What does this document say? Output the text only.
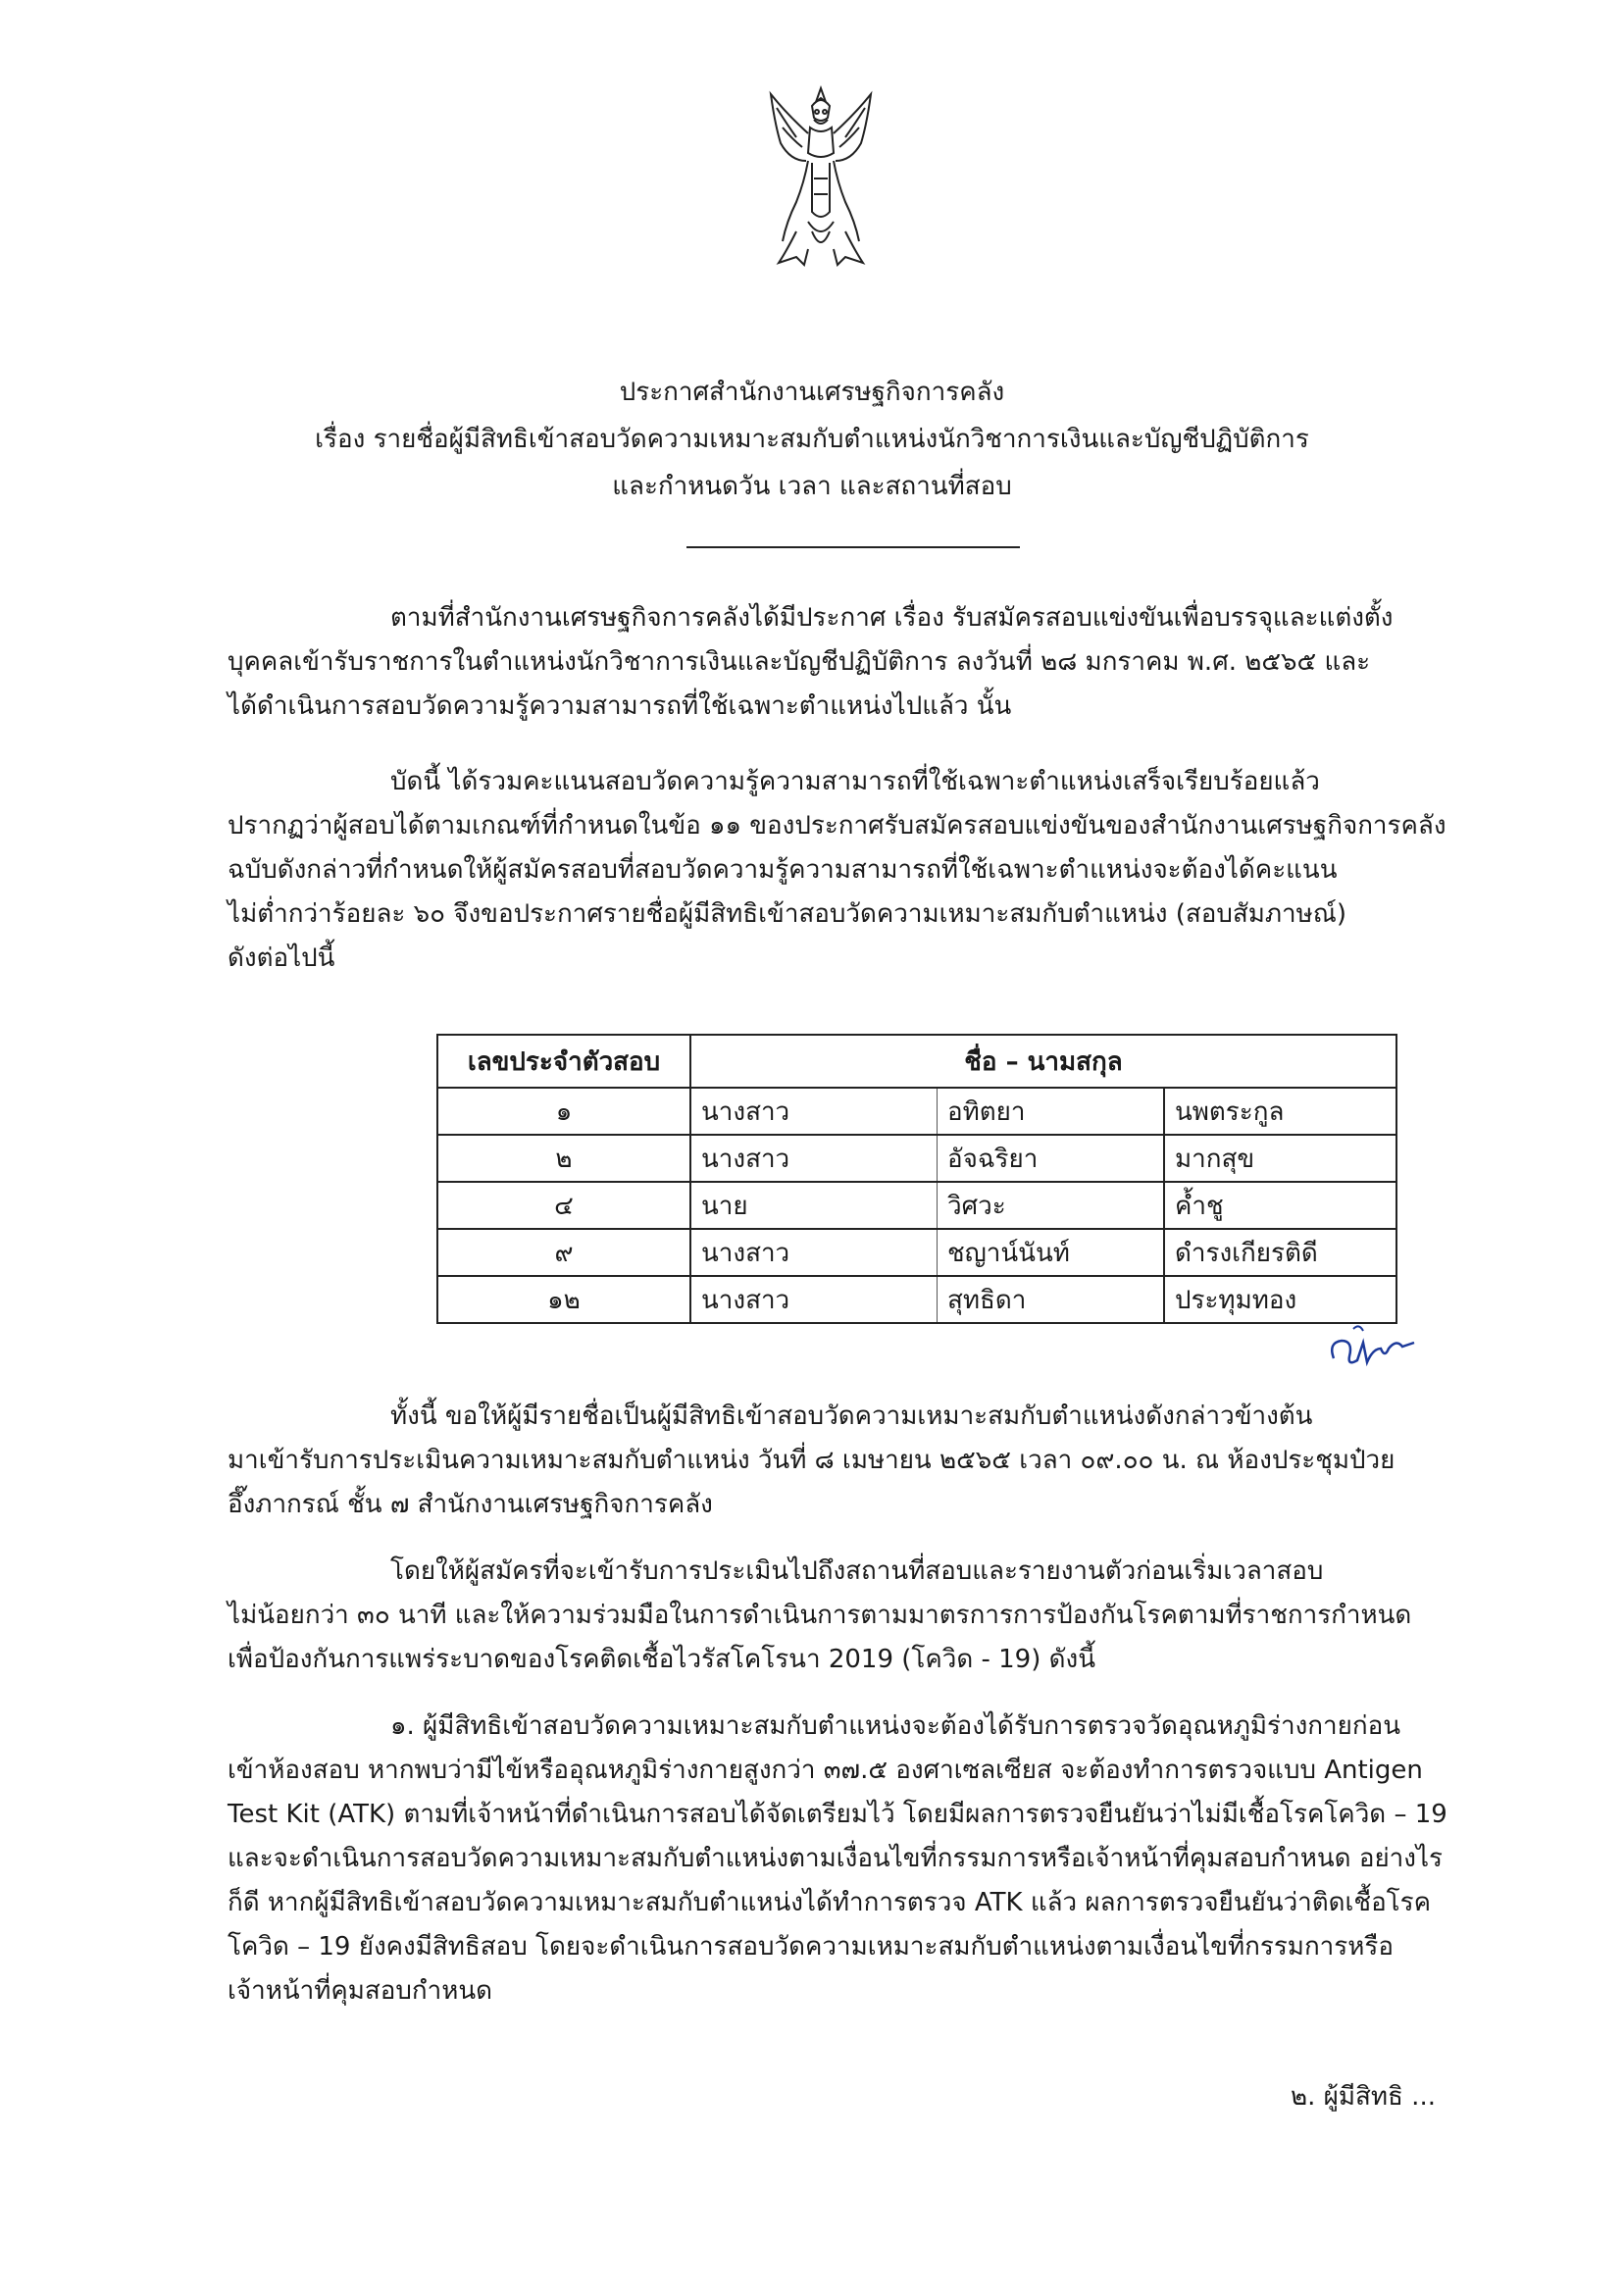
ประกาศสำนักงานเศรษฐกิจการคลัง
เรื่อง รายชื่อผู้มีสิทธิเข้าสอบวัดความเหมาะสมกับตำแหน่งนักวิชาการเงินและบัญชีปฏิบัติการ
และกำหนดวัน เวลา และสถานที่สอบ
ตามที่สำนักงานเศรษฐกิจการคลังได้มีประกาศ เรื่อง รับสมัครสอบแข่งขันเพื่อบรรจุและแต่งตั้ง
บุคคลเข้ารับราชการในตำแหน่งนักวิชาการเงินและบัญชีปฏิบัติการ ลงวันที่ ๒๘ มกราคม พ.ศ. ๒๕๖๕ และ
ได้ดำเนินการสอบวัดความรู้ความสามารถที่ใช้เฉพาะตำแหน่งไปแล้ว นั้น
บัดนี้ ได้รวมคะแนนสอบวัดความรู้ความสามารถที่ใช้เฉพาะตำแหน่งเสร็จเรียบร้อยแล้ว
ปรากฏว่าผู้สอบได้ตามเกณฑ์ที่กำหนดในข้อ ๑๑ ของประกาศรับสมัครสอบแข่งขันของสำนักงานเศรษฐกิจการคลัง
ฉบับดังกล่าวที่กำหนดให้ผู้สมัครสอบที่สอบวัดความรู้ความสามารถที่ใช้เฉพาะตำแหน่งจะต้องได้คะแนน
ไม่ต่ำกว่าร้อยละ ๖๐ จึงขอประกาศรายชื่อผู้มีสิทธิเข้าสอบวัดความเหมาะสมกับตำแหน่ง (สอบสัมภาษณ์)
ดังต่อไปนี้
เลขประจำตัวสอบ	ชื่อ – นามสกุล		
๑	นางสาว	อทิตยา	นพตระกูล
๒	นางสาว	อัจฉริยา	มากสุข
๔	นาย	วิศวะ	ค้ำชู
๙	นางสาว	ชญาน์นันท์	ดำรงเกียรติดี
๑๒	นางสาว	สุทธิดา	ประทุมทอง
ทั้งนี้ ขอให้ผู้มีรายชื่อเป็นผู้มีสิทธิเข้าสอบวัดความเหมาะสมกับตำแหน่งดังกล่าวข้างต้น
มาเข้ารับการประเมินความเหมาะสมกับตำแหน่ง วันที่ ๘ เมษายน ๒๕๖๕ เวลา ๐๙.๐๐ น. ณ ห้องประชุมป๋วย
อึ๊งภากรณ์ ชั้น ๗ สำนักงานเศรษฐกิจการคลัง
โดยให้ผู้สมัครที่จะเข้ารับการประเมินไปถึงสถานที่สอบและรายงานตัวก่อนเริ่มเวลาสอบ
ไม่น้อยกว่า ๓๐ นาที และให้ความร่วมมือในการดำเนินการตามมาตรการการป้องกันโรคตามที่ราชการกำหนด
เพื่อป้องกันการแพร่ระบาดของโรคติดเชื้อไวรัสโคโรนา 2019 (โควิด - 19) ดังนี้
๑. ผู้มีสิทธิเข้าสอบวัดความเหมาะสมกับตำแหน่งจะต้องได้รับการตรวจวัดอุณหภูมิร่างกายก่อน
เข้าห้องสอบ หากพบว่ามีไข้หรืออุณหภูมิร่างกายสูงกว่า ๓๗.๕ องศาเซลเซียส จะต้องทำการตรวจแบบ Antigen
Test Kit (ATK) ตามที่เจ้าหน้าที่ดำเนินการสอบได้จัดเตรียมไว้ โดยมีผลการตรวจยืนยันว่าไม่มีเชื้อโรคโควิด – 19
และจะดำเนินการสอบวัดความเหมาะสมกับตำแหน่งตามเงื่อนไขที่กรรมการหรือเจ้าหน้าที่คุมสอบกำหนด อย่างไร
ก็ดี หากผู้มีสิทธิเข้าสอบวัดความเหมาะสมกับตำแหน่งได้ทำการตรวจ ATK แล้ว ผลการตรวจยืนยันว่าติดเชื้อโรค
โควิด – 19 ยังคงมีสิทธิสอบ โดยจะดำเนินการสอบวัดความเหมาะสมกับตำแหน่งตามเงื่อนไขที่กรรมการหรือ
เจ้าหน้าที่คุมสอบกำหนด
๒. ผู้มีสิทธิ ...
